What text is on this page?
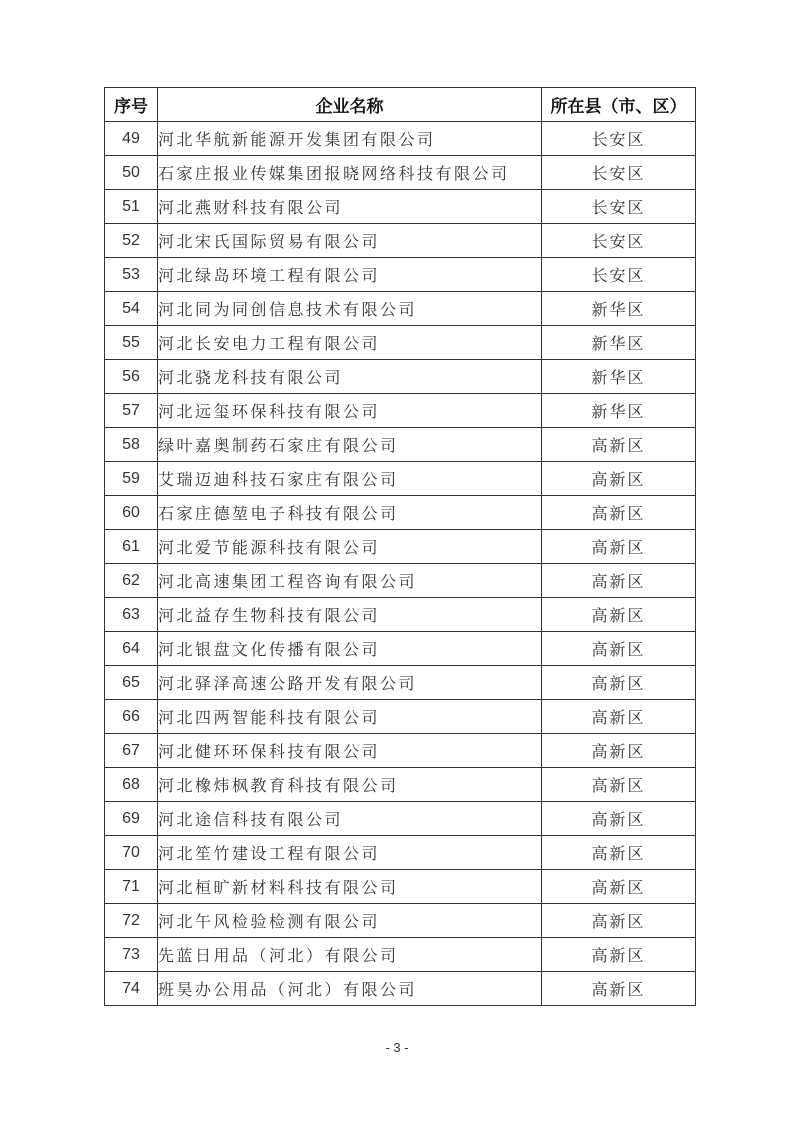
序号	企业名称	所在县（市、区）
49	河北华航新能源开发集团有限公司	长安区
50	石家庄报业传媒集团报晓网络科技有限公司	长安区
51	河北燕财科技有限公司	长安区
52	河北宋氏国际贸易有限公司	长安区
53	河北绿岛环境工程有限公司	长安区
54	河北同为同创信息技术有限公司	新华区
55	河北长安电力工程有限公司	新华区
56	河北骁龙科技有限公司	新华区
57	河北远玺环保科技有限公司	新华区
58	绿叶嘉奥制药石家庄有限公司	高新区
59	艾瑞迈迪科技石家庄有限公司	高新区
60	石家庄德堃电子科技有限公司	高新区
61	河北爱节能源科技有限公司	高新区
62	河北高速集团工程咨询有限公司	高新区
63	河北益存生物科技有限公司	高新区
64	河北银盘文化传播有限公司	高新区
65	河北驿泽高速公路开发有限公司	高新区
66	河北四两智能科技有限公司	高新区
67	河北健环环保科技有限公司	高新区
68	河北橡炜枫教育科技有限公司	高新区
69	河北途信科技有限公司	高新区
70	河北笙竹建设工程有限公司	高新区
71	河北桓旷新材料科技有限公司	高新区
72	河北午风检验检测有限公司	高新区
73	先蓝日用品（河北）有限公司	高新区
74	班昊办公用品（河北）有限公司	高新区
- 3 -
